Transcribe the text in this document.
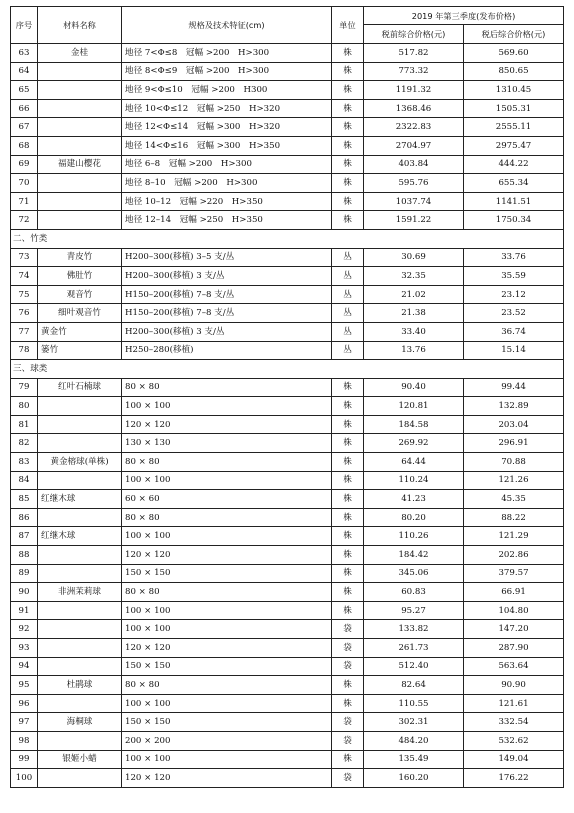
序号	材料名称	规格及技术特征(cm)	单位	2019 年第三季度(发布价格)	
				税前综合价格(元)	税后综合价格(元)
63	金桂	地径 7<Φ≤8　冠幅 >200　H>300	株	517.82	569.60
64		地径 8<Φ≤9　冠幅 >200　H>300	株	773.32	850.65
65		地径 9<Φ≤10　冠幅 >200　H300	株	1191.32	1310.45
66		地径 10<Φ≤12　冠幅 >250　H>320	株	1368.46	1505.31
67		地径 12<Φ≤14　冠幅 >300　H>320	株	2322.83	2555.11
68		地径 14<Φ≤16　冠幅 >300　H>350	株	2704.97	2975.47
69	福建山樱花	地径 6–8　冠幅 >200　H>300	株	403.84	444.22
70		地径 8–10　冠幅 >200　H>300	株	595.76	655.34
71		地径 10–12　冠幅 >220　H>350	株	1037.74	1141.51
72		地径 12–14　冠幅 >250　H>350	株	1591.22	1750.34
二、竹类					
73	青皮竹	H200–300(移植) 3–5 支/丛	丛	30.69	33.76
74	佛肚竹	H200–300(移植) 3 支/丛	丛	32.35	35.59
75	观音竹	H150–200(移植) 7–8 支/丛	丛	21.02	23.12
76	细叶观音竹	H150–200(移植) 7–8 支/丛	丛	21.38	23.52
77	黄金竹	H200–300(移植) 3 支/丛	丛	33.40	36.74
78	篓竹	H250–280(移植)	丛	13.76	15.14
三、球类					
79	红叶石楠球	80 × 80	株	90.40	99.44
80		100 × 100	株	120.81	132.89
81		120 × 120	株	184.58	203.04
82		130 × 130	株	269.92	296.91
83	黄金榕球(单株)	80 × 80	株	64.44	70.88
84		100 × 100	株	110.24	121.26
85	红继木球	60 × 60	株	41.23	45.35
86		80 × 80	株	80.20	88.22
87	红继木球	100 × 100	株	110.26	121.29
88		120 × 120	株	184.42	202.86
89		150 × 150	株	345.06	379.57
90	非洲茉莉球	80 × 80	株	60.83	66.91
91		100 × 100	株	95.27	104.80
92		100 × 100	袋	133.82	147.20
93		120 × 120	袋	261.73	287.90
94		150 × 150	袋	512.40	563.64
95	杜鹃球	80 × 80	株	82.64	90.90
96		100 × 100	株	110.55	121.61
97	海桐球	150 × 150	袋	302.31	332.54
98		200 × 200	袋	484.20	532.62
99	银姬小蜡	100 × 100	株	135.49	149.04
100		120 × 120	袋	160.20	176.22
